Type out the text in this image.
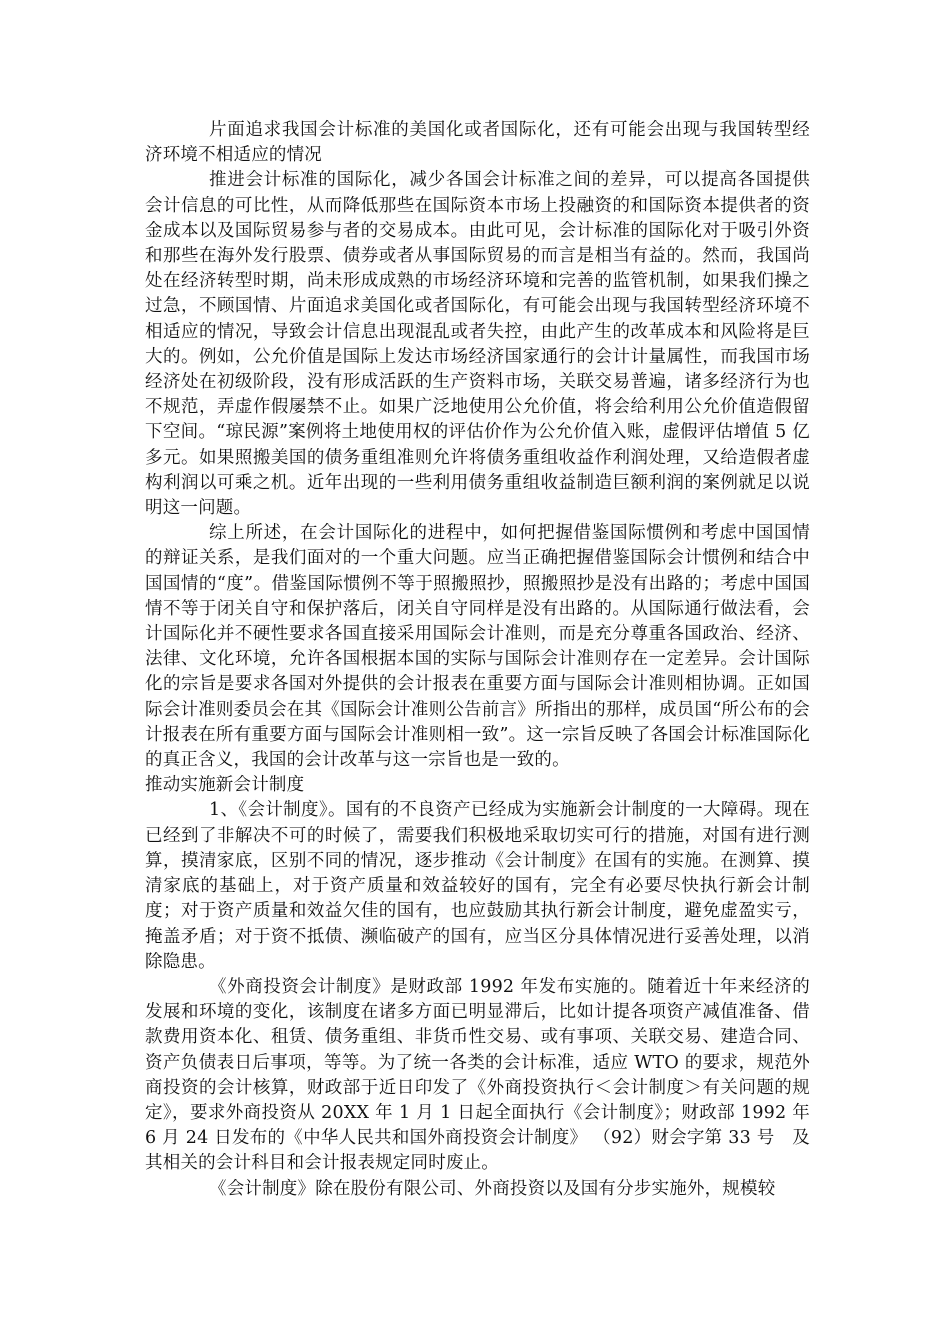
片面追求我国会计标准的美国化或者国际化，还有可能会出现与我国转型经济环境不相适应的情况

推进会计标准的国际化，减少各国会计标准之间的差异，可以提高各国提供会计信息的可比性，从而降低那些在国际资本市场上投融资的和国际资本提供者的资金成本以及国际贸易参与者的交易成本。由此可见，会计标准的国际化对于吸引外资和那些在海外发行股票、债券或者从事国际贸易的而言是相当有益的。然而，我国尚处在经济转型时期，尚未形成成熟的市场经济环境和完善的监管机制，如果我们操之过急，不顾国情、片面追求美国化或者国际化，有可能会出现与我国转型经济环境不相适应的情况，导致会计信息出现混乱或者失控，由此产生的改革成本和风险将是巨大的。例如，公允价值是国际上发达市场经济国家通行的会计计量属性，而我国市场经济处在初级阶段，没有形成活跃的生产资料市场，关联交易普遍，诸多经济行为也不规范，弄虚作假屡禁不止。如果广泛地使用公允价值，将会给利用公允价值造假留下空间。“琼民源”案例将土地使用权的评估价作为公允价值入账，虚假评估增值 5 亿多元。如果照搬美国的债务重组准则允许将债务重组收益作利润处理，又给造假者虚构利润以可乘之机。近年出现的一些利用债务重组收益制造巨额利润的案例就足以说明这一问题。

综上所述，在会计国际化的进程中，如何把握借鉴国际惯例和考虑中国国情的辩证关系，是我们面对的一个重大问题。应当正确把握借鉴国际会计惯例和结合中国国情的“度”。借鉴国际惯例不等于照搬照抄，照搬照抄是没有出路的；考虑中国国情不等于闭关自守和保护落后，闭关自守同样是没有出路的。从国际通行做法看，会计国际化并不硬性要求各国直接采用国际会计准则，而是充分尊重各国政治、经济、法律、文化环境，允许各国根据本国的实际与国际会计准则存在一定差异。会计国际化的宗旨是要求各国对外提供的会计报表在重要方面与国际会计准则相协调。正如国际会计准则委员会在其《国际会计准则公告前言》所指出的那样，成员国“所公布的会计报表在所有重要方面与国际会计准则相一致”。这一宗旨反映了各国会计标准国际化的真正含义，我国的会计改革与这一宗旨也是一致的。

推动实施新会计制度

1、《会计制度》。国有的不良资产已经成为实施新会计制度的一大障碍。现在已经到了非解决不可的时候了，需要我们积极地采取切实可行的措施，对国有进行测算，摸清家底，区别不同的情况，逐步推动《会计制度》在国有的实施。在测算、摸清家底的基础上，对于资产质量和效益较好的国有，完全有必要尽快执行新会计制度；对于资产质量和效益欠佳的国有，也应鼓励其执行新会计制度，避免虚盈实亏，掩盖矛盾；对于资不抵债、濒临破产的国有，应当区分具体情况进行妥善处理，以消除隐患。

《外商投资会计制度》是财政部 1992 年发布实施的。随着近十年来经济的发展和环境的变化，该制度在诸多方面已明显滞后，比如计提各项资产减值准备、借款费用资本化、租赁、债务重组、非货币性交易、或有事项、关联交易、建造合同、资产负债表日后事项，等等。为了统一各类的会计标准，适应 WTO 的要求，规范外商投资的会计核算，财政部于近日印发了《外商投资执行＜会计制度＞有关问题的规定》，要求外商投资从 20XX 年 1 月 1 日起全面执行《会计制度》；财政部 1992 年 6 月 24 日发布的《中华人民共和国外商投资会计制度》 （92）财会字第 33 号　及其相关的会计科目和会计报表规定同时废止。

《会计制度》除在股份有限公司、外商投资以及国有分步实施外，规模较
